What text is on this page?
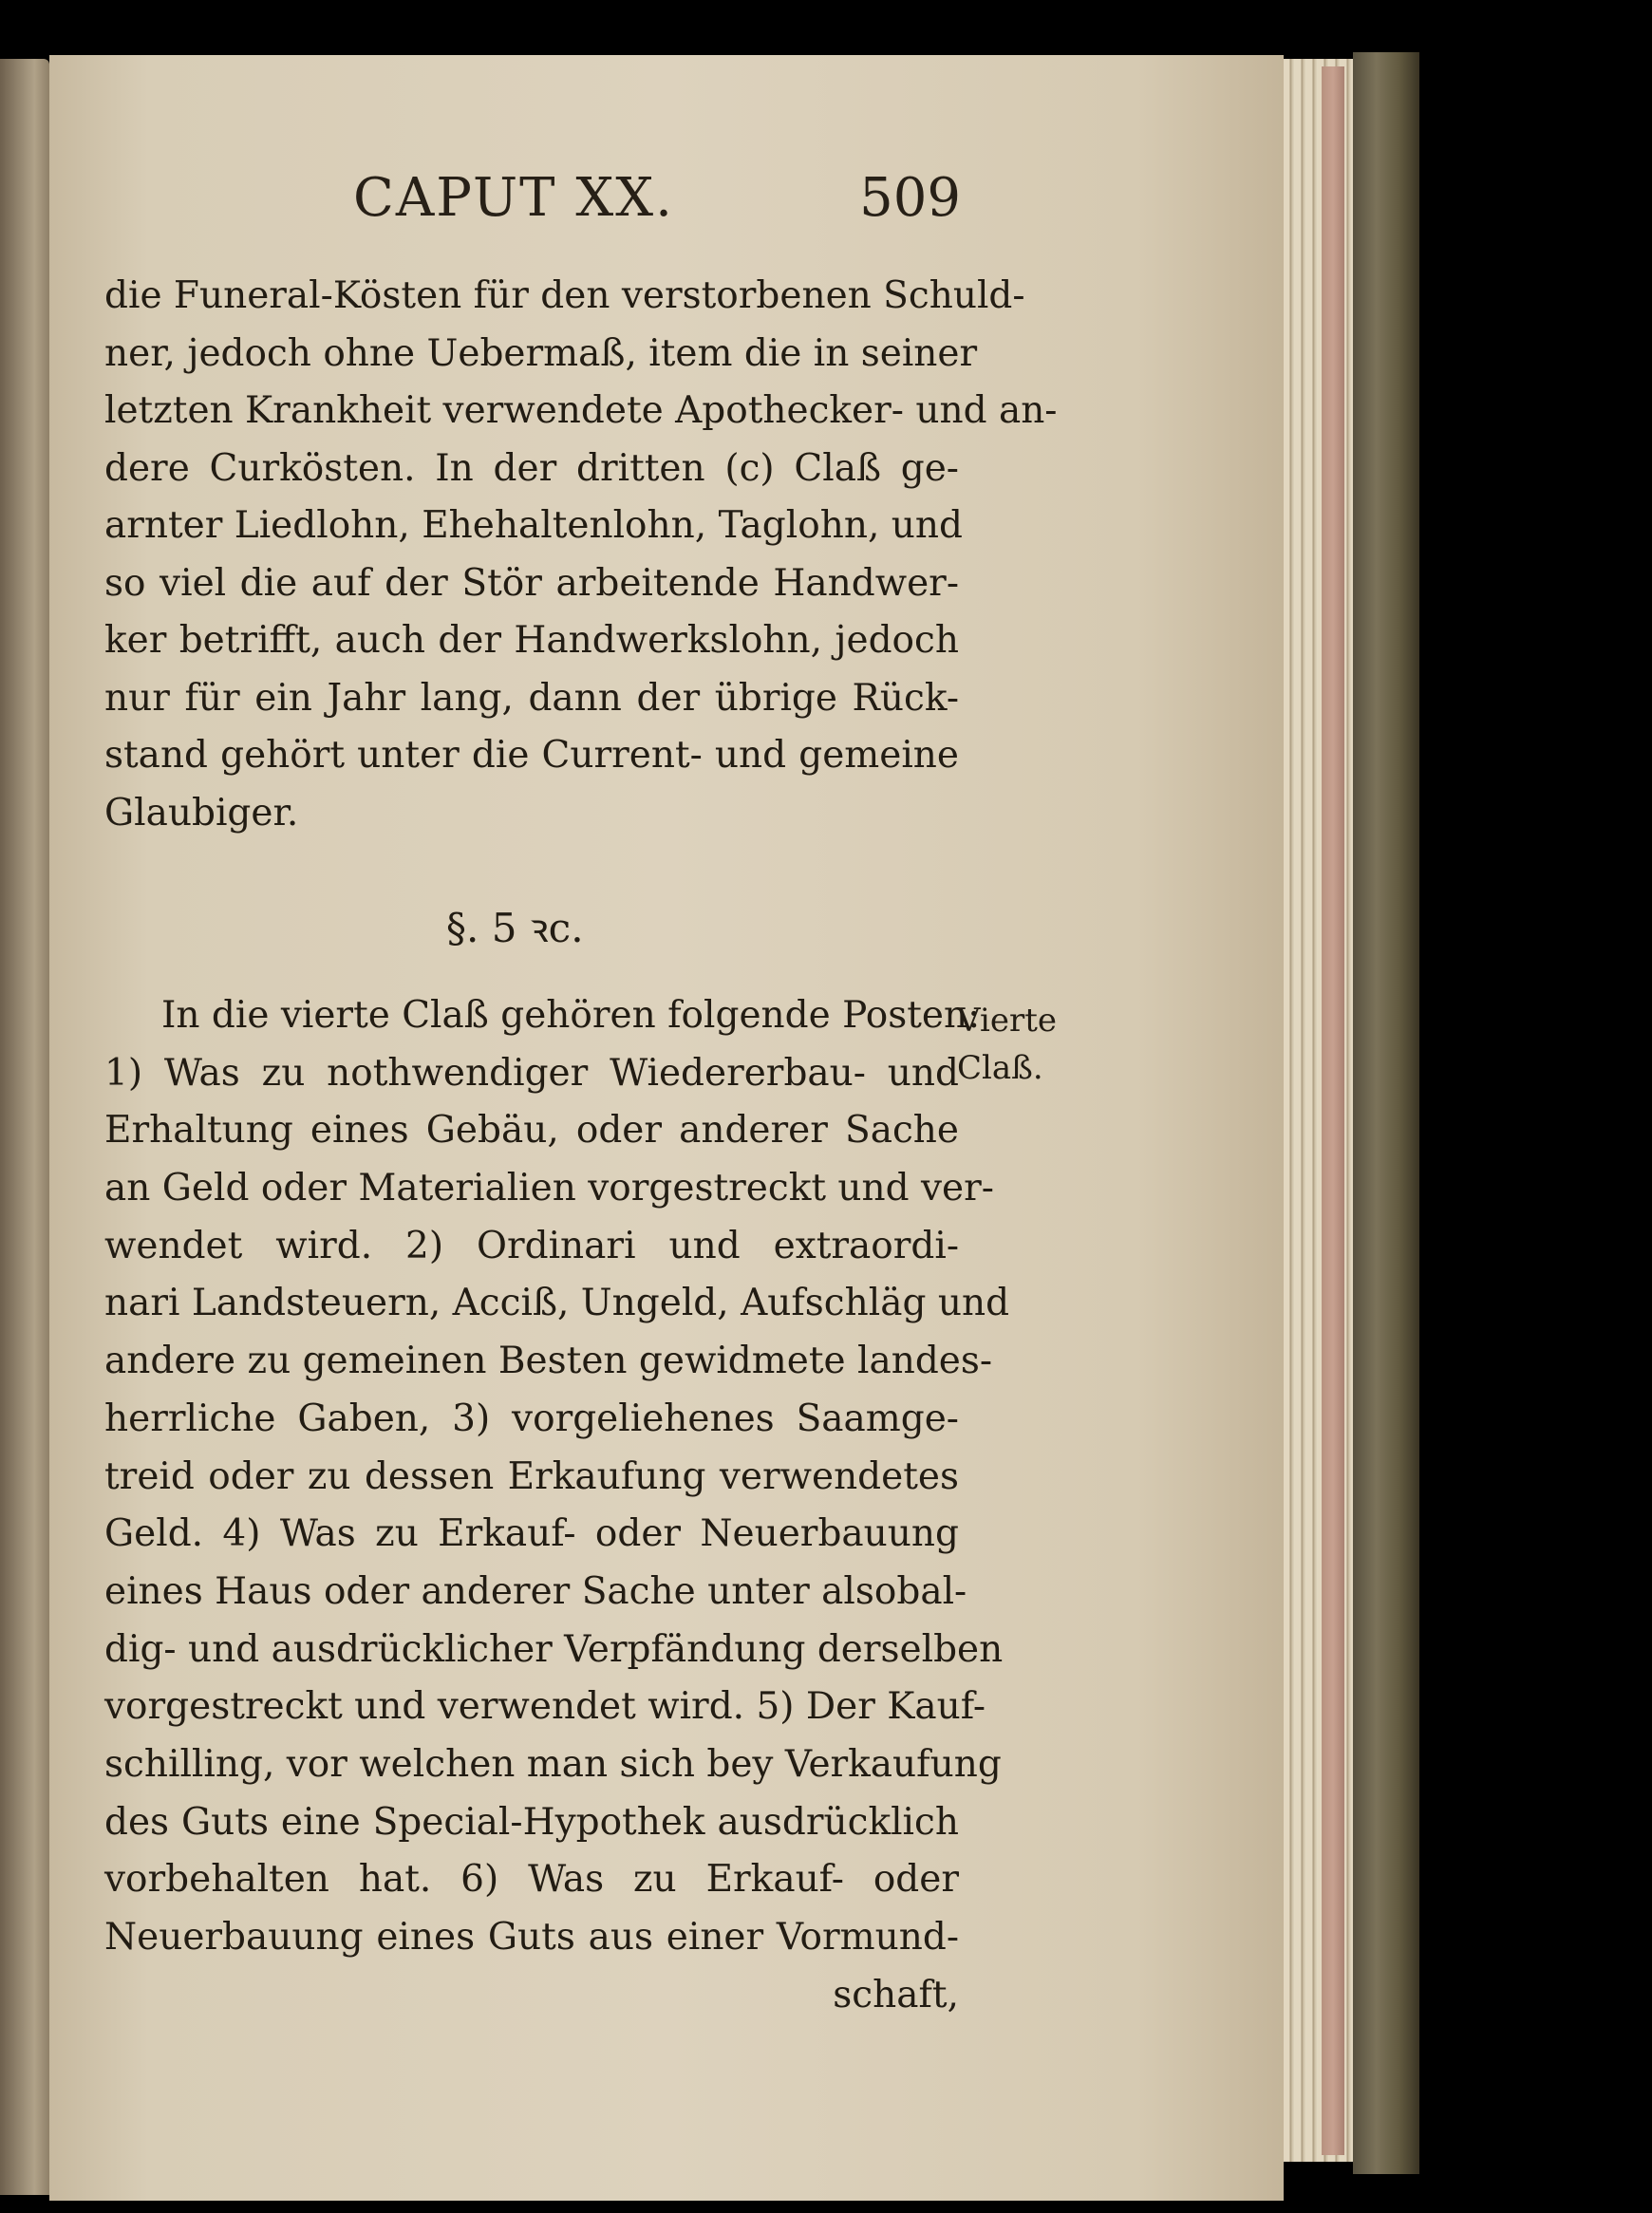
CAPUT XX.	509
die Funeral-Kösten für den verstorbenen Schuld-
ner, jedoch ohne Uebermaß, item die in seiner
letzten Krankheit verwendete Apothecker- und an-
dere Curkösten. In der dritten (c) Claß ge-
arnter Liedlohn, Ehehaltenlohn, Taglohn, und
so viel die auf der Stör arbeitende Handwer-
ker betrifft, auch der Handwerkslohn, jedoch
nur für ein Jahr lang, dann der übrige Rück-
stand gehört unter die Current- und gemeine
Glaubiger.
§. 5 ꝛc.
In die vierte Claß gehören folgende Posten:
1) Was zu nothwendiger Wiedererbau- und
Erhaltung eines Gebäu, oder anderer Sache
an Geld oder Materialien vorgestreckt und ver-
wendet wird. 2) Ordinari und extraordi-
nari Landsteuern, Acciß, Ungeld, Aufschläg und
andere zu gemeinen Besten gewidmete landes-
herrliche Gaben, 3) vorgeliehenes Saamge-
treid oder zu dessen Erkaufung verwendetes
Geld. 4) Was zu Erkauf- oder Neuerbauung
eines Haus oder anderer Sache unter alsobal-
dig- und ausdrücklicher Verpfändung derselben
vorgestreckt und verwendet wird. 5) Der Kauf-
schilling, vor welchen man sich bey Verkaufung
des Guts eine Special-Hypothek ausdrücklich
vorbehalten hat. 6) Was zu Erkauf- oder
Neuerbauung eines Guts aus einer Vormund-
schaft,
Vierte
Claß.
